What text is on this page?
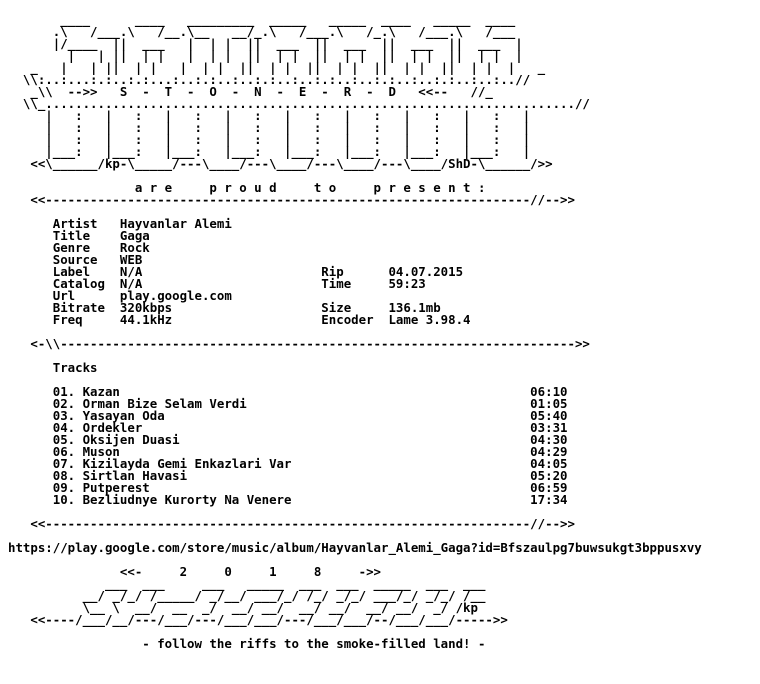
____      ____   _________  _____   _____  ____   _____  ____
.\   /___.\   /__.\__   __/_.\   /___.\   /_.\   /___.\   /___
|/____  ||  ___   |  | |  ||  ___  ||  ___  ||  ___  ||  ___  |
|   | ||  | |   |  | |  ||  | |  ||  | |  ||  | |  ||  | |  |
_   |   | ||  | |   |  | |  ||  | |  ||  | |  ||  | |  ||  | |  |   _
\\:..:...:.:..:.:...:..:.:..:..:.:..:..:.:..:..:.:..:..:.:..:..:..//
_\\  -->>   S  -  T  -  O  -  N  -  E  -  R  -  D   <<--   //_
\\_.......................................................................//
|   :   |   :   |   :   |   :   |   :   |   :   |   :   |   :   |
|   :   |   :   |   :   |   :   |   :   |   :   |   :   |   :   |
|   :   |   :   |   :   |   :   |   :   |   :   |   :   |   :   |
|___:   |___:   |___:   |___:   |___:   |___:   |___:   |___:   |
<<\______/kp-\_____/---\____/---\____/---\____/---\____/ShD-\______/>>

a r e     p r o u d     t o     p r e s e n t :
<<-----------------------------------------------------------------//-->>

Artist   Hayvanlar Alemi
Title    Gaga
Genre    Rock
Source   WEB
Label    N/A                        Rip      04.07.2015
Catalog  N/A                        Time     59:23
Url      play.google.com
Bitrate  320kbps                    Size     136.1mb
Freq     44.1kHz                    Encoder  Lame 3.98.4

<-\\--------------------------------------------------------------------->>

Tracks

01. Kazan                                                       06:10
02. Orman Bize Selam Verdi                                      01:05
03. Yasayan Oda                                                 05:40
04. Ordekler                                                    03:31
05. Oksijen Duasi                                               04:30
06. Muson                                                       04:29
07. Kizilayda Gemi Enkazlari Var                                04:05
08. Sirtlan Havasi                                              05:20
09. Putperest                                                   06:59
10. Bezliudnye Kurorty Na Venere                                17:34

<<-----------------------------------------------------------------//-->>

https://play.google.com/store/music/album/Hayvanlar_Alemi_Gaga?id=Bfszaulpg7buwsukgt3bppusxvy

<<-     2     0     1     8     ->>
___  ___     ___   _____  ___  ___  _____  ___  ___
__/ _/_/ /_____/ _/__/ ___/_/ /_/ _/_/ ___/_/ _/_/ /__
\__ \  __/  __  _/  __/ __/  __/ __/  __/ __/  _/ /kp
<<----/___/__/---/___/---/___/___/---/___/___/--/___/___/----->>

- follow the riffs to the smoke-filled land! -
